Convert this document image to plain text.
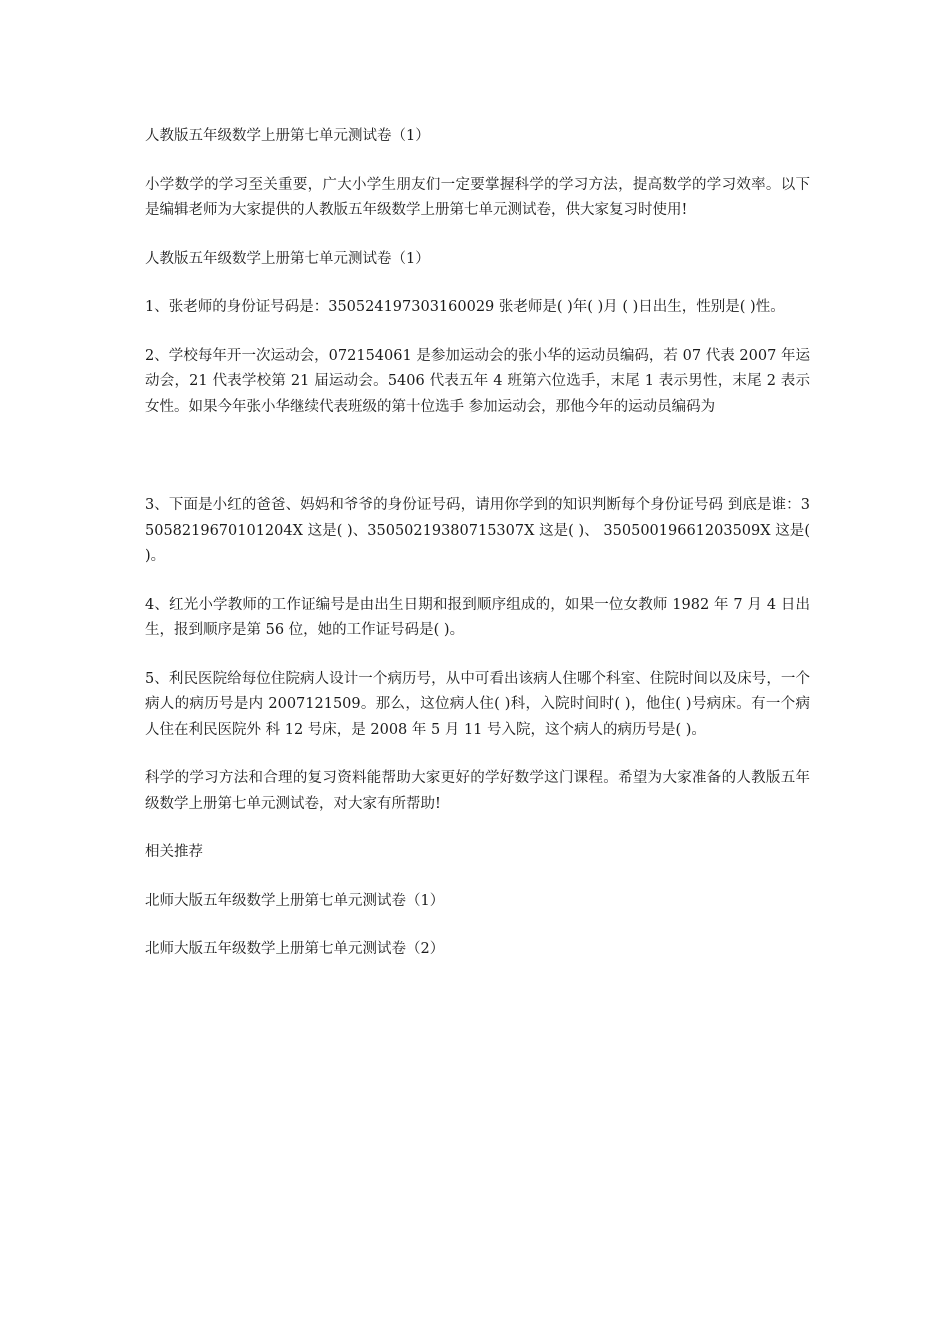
人教版五年级数学上册第七单元测试卷（1）

小学数学的学习至关重要，广大小学生朋友们一定要掌握科学的学习方法，提高数学的学习效率。以下是编辑老师为大家提供的人教版五年级数学上册第七单元测试卷，供大家复习时使用!

人教版五年级数学上册第七单元测试卷（1）

1、张老师的身份证号码是：350524197303160029 张老师是( )年( )月 ( )日出生，性别是( )性。

2、学校每年开一次运动会，072154061 是参加运动会的张小华的运动员编码，若 07 代表 2007 年运动会，21 代表学校第 21 届运动会。5406 代表五年 4 班第六位选手，末尾 1 表示男性，末尾 2 表示女性。如果今年张小华继续代表班级的第十位选手 参加运动会，那他今年的运动员编码为

3、下面是小红的爸爸、妈妈和爷爷的身份证号码，请用你学到的知识判断每个身份证号码 到底是谁：35058219670101204X 这是( )、35050219380715307X 这是( )、 35050019661203509X 这是( )。

4、红光小学教师的工作证编号是由出生日期和报到顺序组成的，如果一位女教师 1982 年 7 月 4 日出生，报到顺序是第 56 位，她的工作证号码是( )。

5、利民医院给每位住院病人设计一个病历号，从中可看出该病人住哪个科室、住院时间以及床号，一个病人的病历号是内 2007121509。那么，这位病人住( )科，入院时间时( )，他住( )号病床。有一个病人住在利民医院外 科 12 号床，是 2008 年 5 月 11 号入院，这个病人的病历号是( )。

科学的学习方法和合理的复习资料能帮助大家更好的学好数学这门课程。希望为大家准备的人教版五年级数学上册第七单元测试卷，对大家有所帮助!

相关推荐

北师大版五年级数学上册第七单元测试卷（1）

北师大版五年级数学上册第七单元测试卷（2）
